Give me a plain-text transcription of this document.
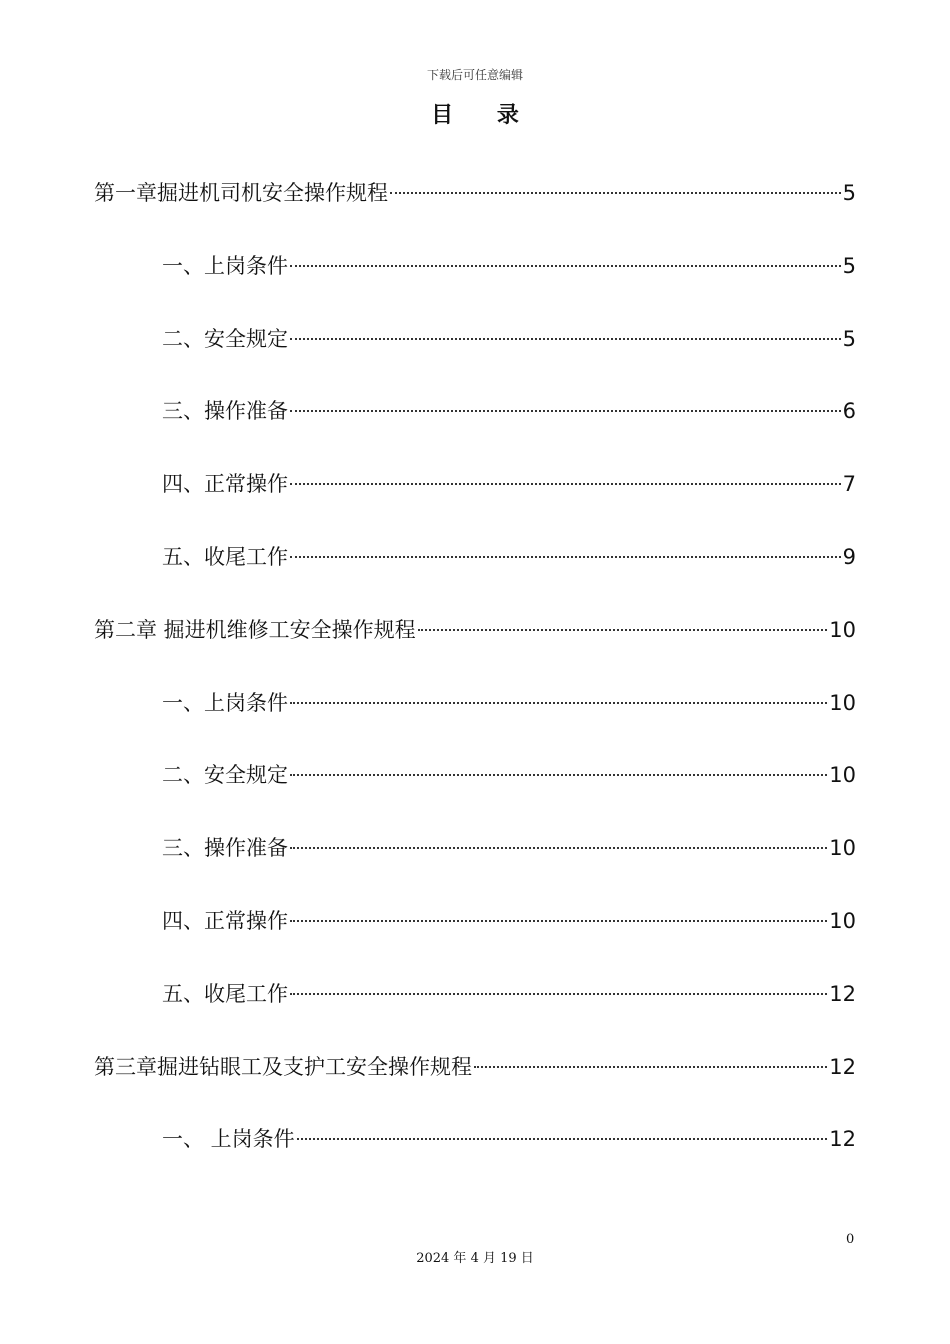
下载后可任意编辑
目 录
第一章掘进机司机安全操作规程	5
一、上岗条件	5
二、安全规定	5
三、操作准备	6
四、正常操作	7
五、收尾工作	9
第二章 掘进机维修工安全操作规程	10
一、上岗条件	10
二、安全规定	10
三、操作准备	10
四、正常操作	10
五、收尾工作	12
第三章掘进钻眼工及支护工安全操作规程	12
一、 上岗条件	12
0
2024 年 4 月 19 日
